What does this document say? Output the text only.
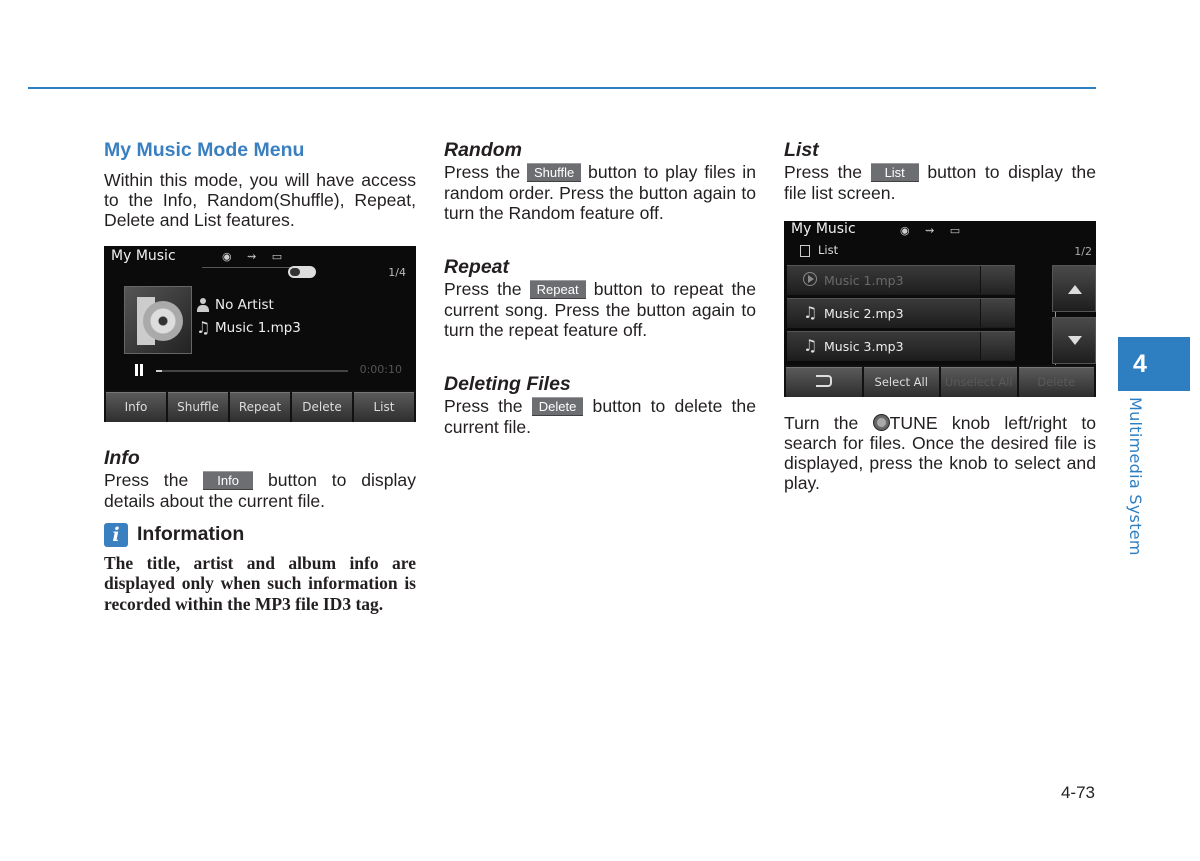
My Music Mode Menu

Within this mode, you will have access to the Info, Random(Shuffle), Repeat, Delete and List features.

My Music	◉ ⇝ ▭
1/4
No Artist
♫ Music 1.mp3
0:00:10
Info	Shuffle	Repeat	Delete	List
Info

Press the Info button to display details about the current file.

i Information
The title, artist and album info are displayed only when such information is recorded within the MP3 file ID3 tag.
Random

Press the Shuffle button to play files in random order. Press the button again to turn the Random feature off.

Repeat

Press the Repeat button to repeat the current song. Press the button again to turn the repeat feature off.

Deleting Files

Press the Delete button to delete the current file.

List

Press the List button to display the file list screen.

My Music	◉ ⇝ ▭
List	1/2
Music 1.mp3
♫ Music 2.mp3
♫ Music 3.mp3
Select All	Unselect All	Delete

Turn the TUNE knob left/right to search for files. Once the desired file is displayed, press the knob to select and play.

4
Multimedia System
4-73
